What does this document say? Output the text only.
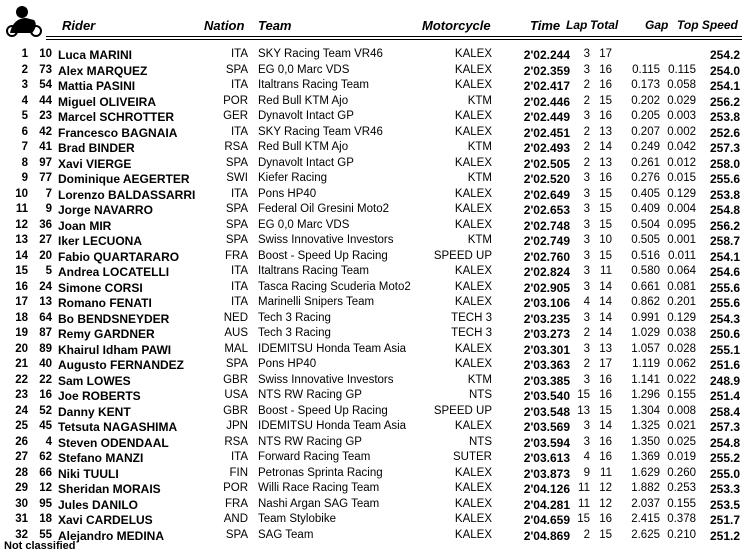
Rider	Nation Team	Motorcycle	Time Lap Total Gap Top Speed
1 10 Luca MARINI	ITA SKY Racing Team VR46	KALEX	2'02.244	3 17	254.2
2 73 Alex MARQUEZ	SPA EG 0,0 Marc VDS	KALEX	2'02.359	3 16	0.115 0.115	254.0
3 54 Mattia PASINI	ITA Italtrans Racing Team	KALEX	2'02.417	2 16	0.173 0.058	254.1
4 44 Miguel OLIVEIRA	POR Red Bull KTM Ajo	KTM	2'02.446	2 15	0.202 0.029	256.2
5 23 Marcel SCHROTTER	GER Dynavolt Intact GP	KALEX	2'02.449	3 16	0.205 0.003	253.8
6 42 Francesco BAGNAIA	ITA SKY Racing Team VR46	KALEX	2'02.451	2 13	0.207 0.002	252.6
7 41 Brad BINDER	RSA Red Bull KTM Ajo	KTM	2'02.493	2 14	0.249 0.042	257.3
8 97 Xavi VIERGE	SPA Dynavolt Intact GP	KALEX	2'02.505	2 13	0.261 0.012	258.0
9 77 Dominique AEGERTER	SWI Kiefer Racing	KTM	2'02.520	3 16	0.276 0.015	255.6
10	7 Lorenzo BALDASSARRI	ITA Pons HP40	KALEX	2'02.649	3 15	0.405 0.129	253.8
11	9 Jorge NAVARRO	SPA Federal Oil Gresini Moto2	KALEX	2'02.653	3 15	0.409 0.004	254.8
12 36 Joan MIR	SPA EG 0,0 Marc VDS	KALEX	2'02.748	3 15	0.504 0.095	256.2
13 27 Iker LECUONA	SPA Swiss Innovative Investors	KTM	2'02.749	3 10	0.505 0.001	258.7
14 20 Fabio QUARTARARO	FRA Boost - Speed Up Racing	SPEED UP	2'02.760	3 15	0.516 0.011	254.1
15	5 Andrea LOCATELLI	ITA Italtrans Racing Team	KALEX	2'02.824	3 11	0.580 0.064	254.6
16 24 Simone CORSI	ITA Tasca Racing Scuderia Moto2	KALEX	2'02.905	3 14	0.661 0.081	255.6
17 13 Romano FENATI	ITA Marinelli Snipers Team	KALEX	2'03.106	4 14	0.862 0.201	255.6
18 64 Bo BENDSNEYDER	NED Tech 3 Racing	TECH 3	2'03.235	3 14	0.991 0.129	254.3
19 87 Remy GARDNER	AUS Tech 3 Racing	TECH 3	2'03.273	2 14	1.029 0.038	250.6
20 89 Khairul Idham PAWI	MAL IDEMITSU Honda Team Asia	KALEX	2'03.301	3 13	1.057 0.028	255.1
21 40 Augusto FERNANDEZ	SPA Pons HP40	KALEX	2'03.363	2 17	1.119 0.062	251.6
22 22 Sam LOWES	GBR Swiss Innovative Investors	KTM	2'03.385	3 16	1.141 0.022	248.9
23 16 Joe ROBERTS	USA NTS RW Racing GP	NTS	2'03.540 15 16	1.296 0.155	251.4
24 52 Danny KENT	GBR Boost - Speed Up Racing	SPEED UP	2'03.548 13 15	1.304 0.008	258.4
25 45 Tetsuta NAGASHIMA	JPN IDEMITSU Honda Team Asia	KALEX	2'03.569	3 14	1.325 0.021	257.3
26	4 Steven ODENDAAL	RSA NTS RW Racing GP	NTS	2'03.594	3 16	1.350 0.025	254.8
27 62 Stefano MANZI	ITA Forward Racing Team	SUTER	2'03.613	4 16	1.369 0.019	255.2
28 66 Niki TUULI	FIN Petronas Sprinta Racing	KALEX	2'03.873	9 11	1.629 0.260	255.0
29 12 Sheridan MORAIS	POR Willi Race Racing Team	KALEX	2'04.126 11 12	1.882 0.253	253.3
30 95 Jules DANILO	FRA Nashi Argan SAG Team	KALEX	2'04.281 11 12	2.037 0.155	253.5
31 18 Xavi CARDELUS	AND Team Stylobike	KALEX	2'04.659 15 16	2.415 0.378	251.7
32 55 Alejandro MEDINA	SPA SAG Team	KALEX	2'04.869	2 15	2.625 0.210	251.2
Not classified
